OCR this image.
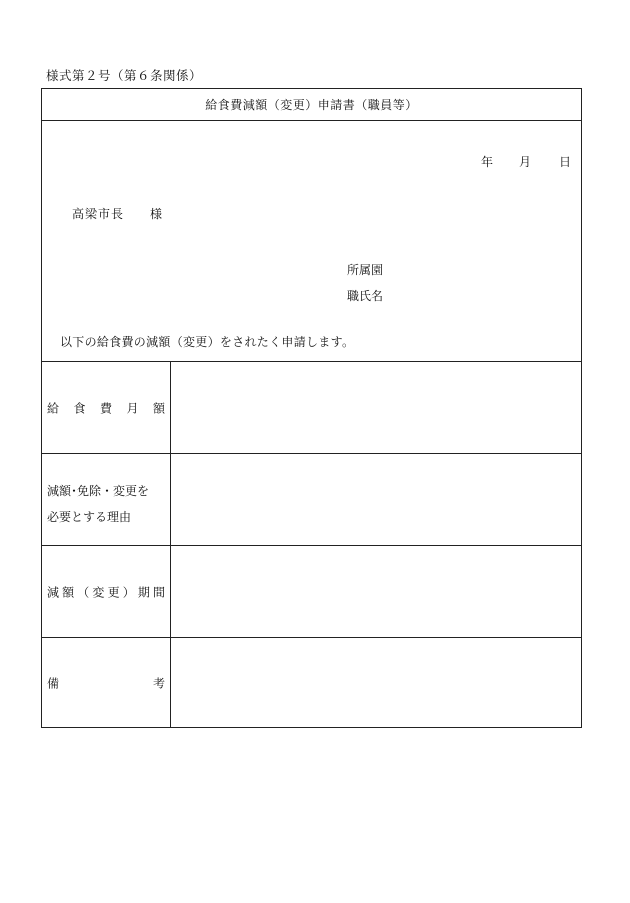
様式第２号（第６条関係）
給食費減額（変更）申請書（職員等）
年 月 日
高梁市長 様
所属園
職氏名
以下の給食費の減額（変更）をされたく申請します。
給 食 費 月 額
減額･免除・変更を
必要とする理由
減 額 （ 変 更 ） 期 間
備	考
